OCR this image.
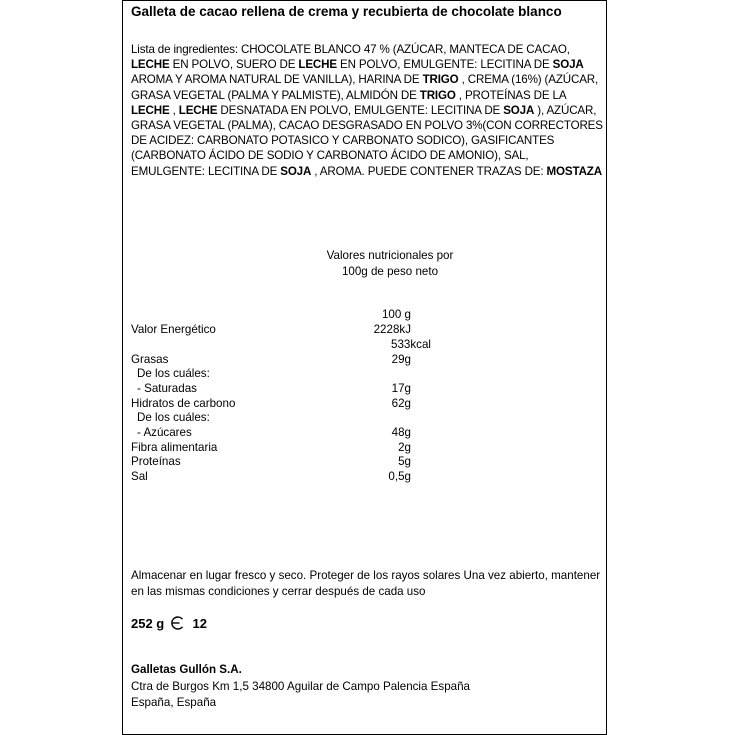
Galleta de cacao rellena de crema y recubierta de chocolate blanco
Lista de ingredientes: CHOCOLATE BLANCO 47 % (AZÚCAR, MANTECA DE CACAO, LECHE EN POLVO, SUERO DE LECHE EN POLVO, EMULGENTE: LECITINA DE SOJA AROMA Y AROMA NATURAL DE VANILLA), HARINA DE TRIGO , CREMA (16%) (AZÚCAR, GRASA VEGETAL (PALMA Y PALMISTE), ALMIDÓN DE TRIGO , PROTEÍNAS DE LA LECHE , LECHE DESNATADA EN POLVO, EMULGENTE: LECITINA DE SOJA ), AZÚCAR, GRASA VEGETAL (PALMA), CACAO DESGRASADO EN POLVO 3%(CON CORRECTORES DE ACIDEZ: CARBONATO POTASICO Y CARBONATO SODICO), GASIFICANTES (CARBONATO ÁCIDO DE SODIO Y CARBONATO ÁCIDO DE AMONIO), SAL, EMULGENTE: LECITINA DE SOJA , AROMA. PUEDE CONTENER TRAZAS DE: MOSTAZA
Valores nutricionales por
100g de peso neto
100 g
Valor Energético	2228kJ
533kcal
Grasas	29g
De los cuáles:
- Saturadas	17g
Hidratos de carbono	62g
De los cuáles:
- Azúcares	48g
Fibra alimentaria	2g
Proteínas	5g
Sal	0,5g
Almacenar en lugar fresco y seco. Proteger de los rayos solares Una vez abierto, mantener en las mismas condiciones y cerrar después de cada uso
252 g 12
Galletas Gullón S.A.
Ctra de Burgos Km 1,5 34800 Aguilar de Campo Palencia España
España, España
